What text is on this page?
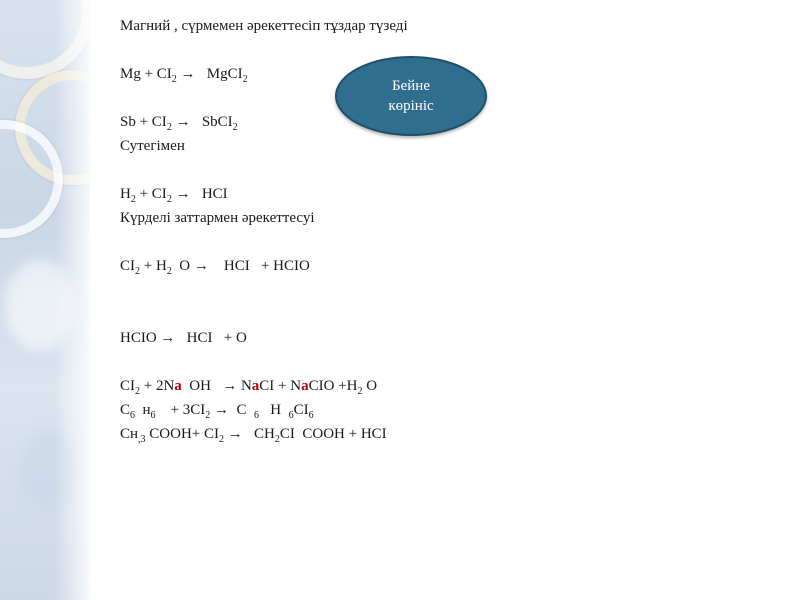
Магний , сүрмемен әрекеттесіп тұздар түзеді
$Mg + CI_2$ →   MgCI$_2$
$Sb + CI_2$ →   SbCI$_2$
Сутегімен
$H_2 + CI_2$ →   HCI
Күрделі заттармен әрекеттесуі
$CI_2 + H_2$  O →    HCI   + HCIO
HCIO →   HCI   + O
$CI_2 + 2Na$  OH   → NaCI + NaCIO $+H_2$ O
$C_6$  $н_6$    + $3CI_2 \to C$  $_6$   H  $_6CI_6$
$Cн_{,3}$ COOH+ $CI_2 \to CH_2CI$  COOH + HCI
Бейне
көрініс
